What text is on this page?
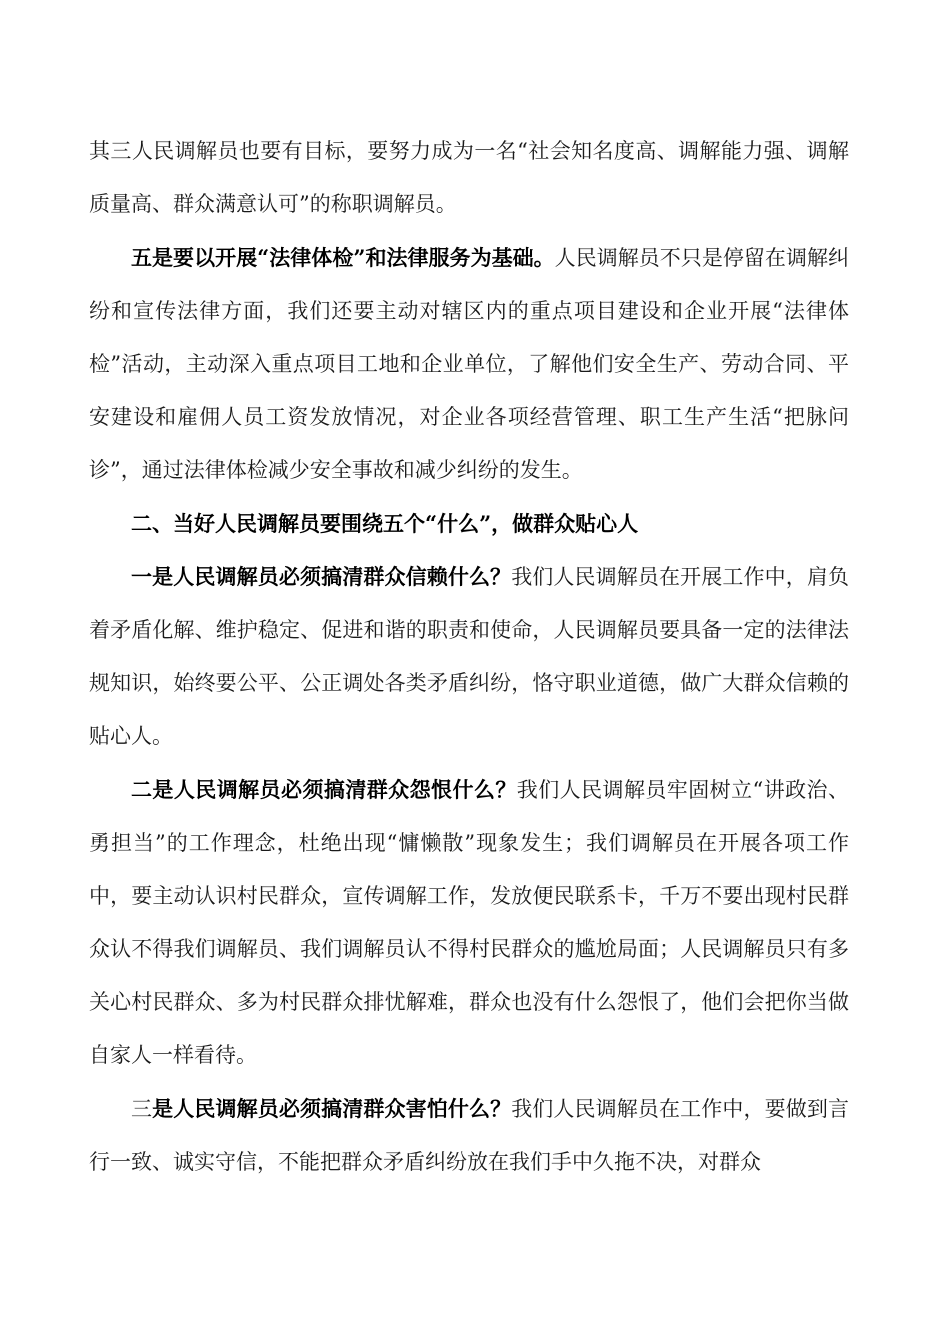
其三人民调解员也要有目标，要努力成为一名“社会知名度高、调解能力强、调解质量高、群众满意认可”的称职调解员。

五是要以开展“法律体检”和法律服务为基础。人民调解员不只是停留在调解纠纷和宣传法律方面，我们还要主动对辖区内的重点项目建设和企业开展“法律体检”活动，主动深入重点项目工地和企业单位，了解他们安全生产、劳动合同、平安建设和雇佣人员工资发放情况，对企业各项经营管理、职工生产生活“把脉问诊”，通过法律体检减少安全事故和减少纠纷的发生。

二、当好人民调解员要围绕五个“什么”，做群众贴心人

一是人民调解员必须搞清群众信赖什么？我们人民调解员在开展工作中，肩负着矛盾化解、维护稳定、促进和谐的职责和使命，人民调解员要具备一定的法律法规知识，始终要公平、公正调处各类矛盾纠纷，恪守职业道德，做广大群众信赖的贴心人。

二是人民调解员必须搞清群众怨恨什么？我们人民调解员牢固树立“讲政治、勇担当”的工作理念，杜绝出现“慵懒散”现象发生；我们调解员在开展各项工作中，要主动认识村民群众，宣传调解工作，发放便民联系卡，千万不要出现村民群众认不得我们调解员、我们调解员认不得村民群众的尴尬局面；人民调解员只有多关心村民群众、多为村民群众排忧解难，群众也没有什么怨恨了，他们会把你当做自家人一样看待。

三是人民调解员必须搞清群众害怕什么？我们人民调解员在工作中，要做到言行一致、诚实守信，不能把群众矛盾纠纷放在我们手中久拖不决，对群众
